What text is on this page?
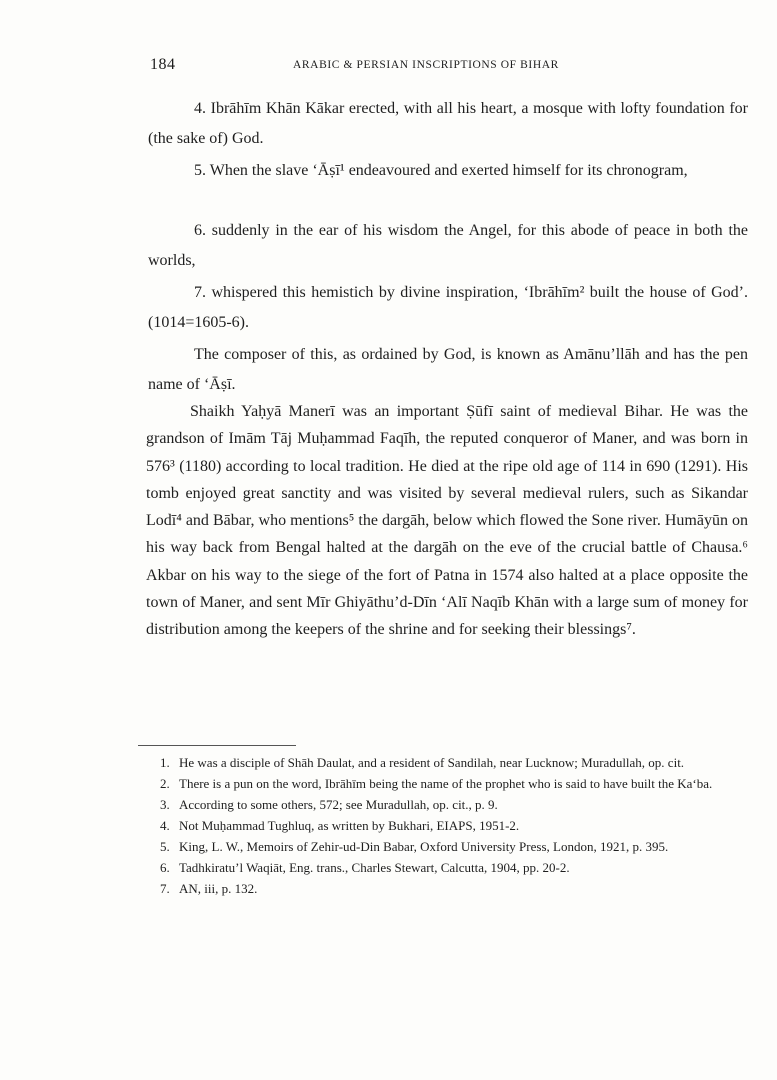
184	ARABIC & PERSIAN INSCRIPTIONS OF BIHAR

4. Ibrāhīm Khān Kākar erected, with all his heart, a mosque with lofty foundation for (the sake of) God.

5. When the slave ‘Āṣī¹ endeavoured and exerted himself for its chronogram,

6. suddenly in the ear of his wisdom the Angel, for this abode of peace in both the worlds,

7. whispered this hemistich by divine inspiration, ‘Ibrāhīm² built the house of God’. (1014=1605-6).

The composer of this, as ordained by God, is known as Amānu’llāh and has the pen name of ‘Āṣī.

Shaikh Yaḥyā Manerī was an important Ṣūfī saint of medieval Bihar. He was the grandson of Imām Tāj Muḥammad Faqīh, the reputed conqueror of Maner, and was born in 576³ (1180) according to local tradition. He died at the ripe old age of 114 in 690 (1291). His tomb enjoyed great sanctity and was visited by several medieval rulers, such as Sikandar Lodī⁴ and Bābar, who mentions⁵ the dargāh, below which flowed the Sone river. Humāyūn on his way back from Bengal halted at the dargāh on the eve of the crucial battle of Chausa.⁶ Akbar on his way to the siege of the fort of Patna in 1574 also halted at a place opposite the town of Maner, and sent Mīr Ghiyāthu’d-Dīn ‘Alī Naqīb Khān with a large sum of money for distribution among the keepers of the shrine and for seeking their blessings⁷.

1. He was a disciple of Shāh Daulat, and a resident of Sandilah, near Lucknow; Muradullah, op. cit.
2. There is a pun on the word, Ibrāhīm being the name of the prophet who is said to have built the Ka‘ba.
3. According to some others, 572; see Muradullah, op. cit., p. 9.
4. Not Muḥammad Tughluq, as written by Bukhari, EIAPS, 1951-2.
5. King, L. W., Memoirs of Zehir-ud-Din Babar, Oxford University Press, London, 1921, p. 395.
6. Tadhkiratu’l Waqiāt, Eng. trans., Charles Stewart, Calcutta, 1904, pp. 20-2.
7. AN, iii, p. 132.
